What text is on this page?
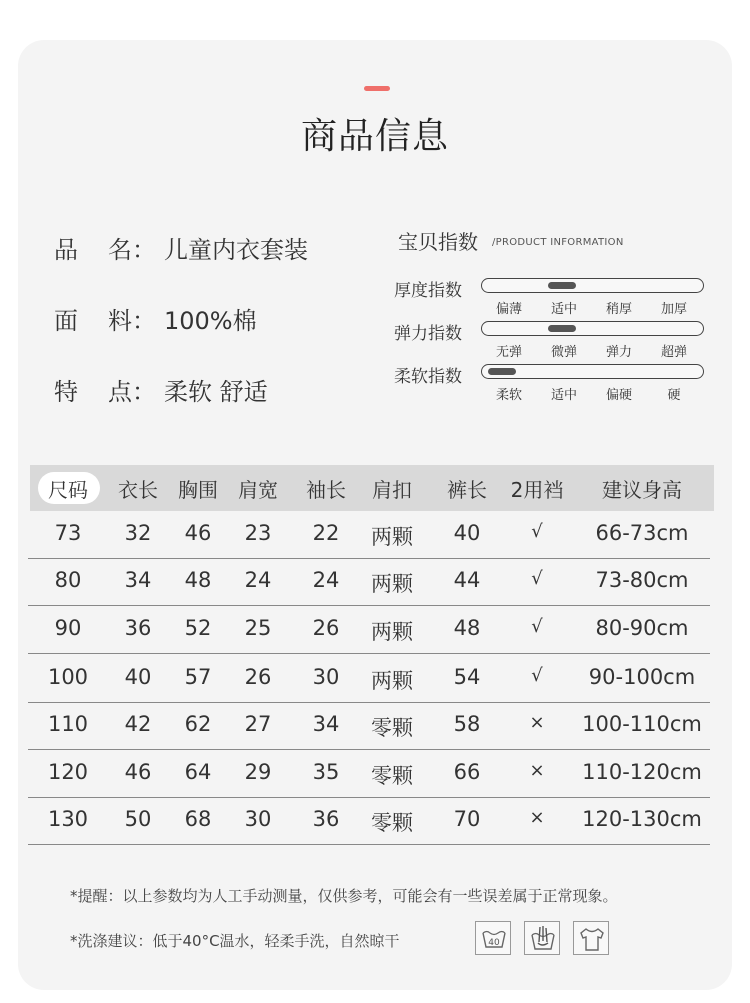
商品信息
品	名： 儿童内衣套装
面	料： 100%棉
特	点： 柔软 舒适
宝贝指数 /PRODUCT INFORMATION
厚度指数
偏薄	适中	稍厚	加厚
弹力指数
无弹	微弹	弹力	超弹
柔软指数
柔软	适中	偏硬	硬
尺码	衣长	胸围	肩宽	袖长	肩扣	裤长	2用裆	建议身高
73	32	46	23	22	两颗	40	√	66-73cm
80	34	48	24	24	两颗	44	√	73-80cm
90	36	52	25	26	两颗	48	√	80-90cm
100	40	57	26	30	两颗	54	√	90-100cm
110	42	62	27	34	零颗	58	×	100-110cm
120	46	64	29	35	零颗	66	×	110-120cm
130	50	68	30	36	零颗	70	×	120-130cm
*提醒：以上参数均为人工手动测量，仅供参考，可能会有一些误差属于正常现象。
*洗涤建议：低于40°C温水，轻柔手洗，自然晾干	40
